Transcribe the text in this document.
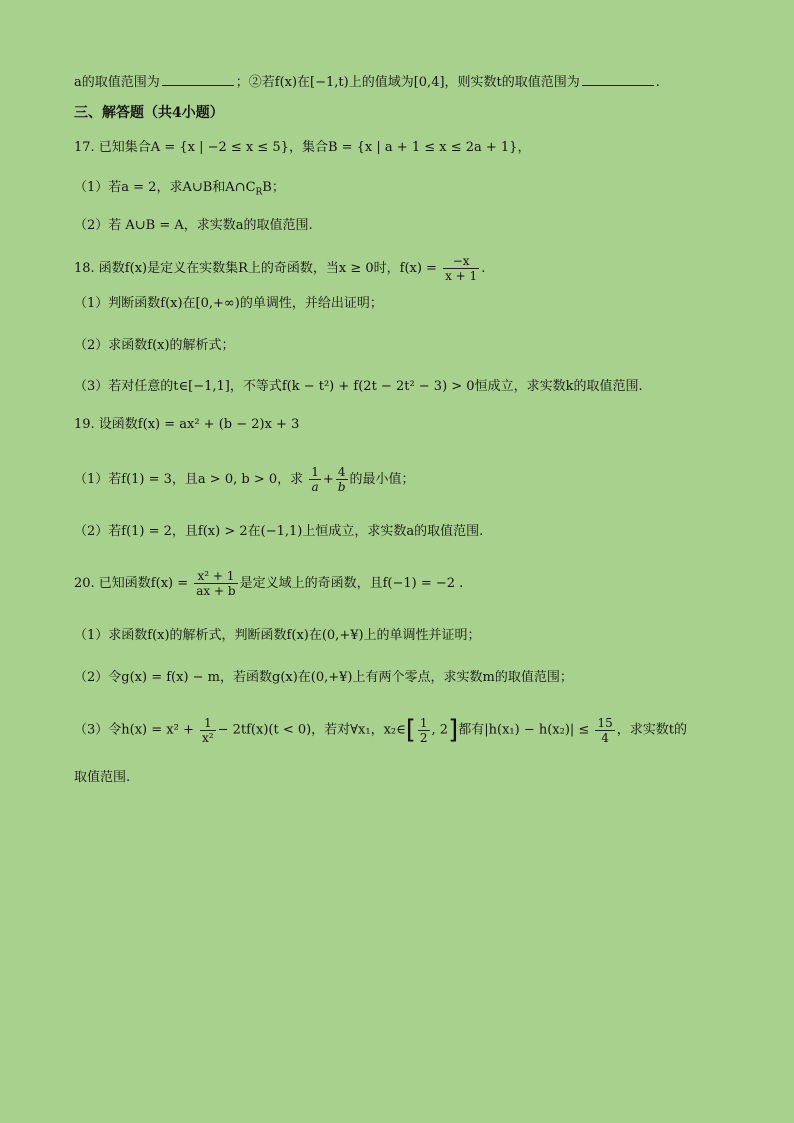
a的取值范围为	；②若f(x)在[−1,t)上的值域为[0,4]，则实数t的取值范围为	.
三、解答题（共4小题）
17. 已知集合A = {x | −2 ≤ x ≤ 5}，集合B = {x | a + 1 ≤ x ≤ 2a + 1}，
（1）若a = 2，求A∪B和$A\cap C_RB$；
（2）若 A∪B = A，求实数a的取值范围.
18. 函数f(x)是定义在实数集R上的奇函数，当x ≥ 0时，$f(x) = \frac{-x}{x + 1}$ .
（1）判断函数f(x)在[0,+∞)的单调性，并给出证明；
（2）求函数f(x)的解析式；
（3）若对任意的t∈[−1,1]，不等式f(k − t²) + f(2t − 2t² − 3) > 0恒成立，求实数k的取值范围.
19. 设函数f(x) = ax² + (b − 2)x + 3
（1）若f(1) = 3，且a > 0, b > 0，求 $\frac{1}{a} + \frac{4}{b}$ 的最小值；
（2）若f(1) = 2，且f(x) > 2在(−1,1)上恒成立，求实数a的取值范围.
20. 已知函数$f(x) = \frac{\text{x² + 1}}{ax + b}$ 是定义域上的奇函数，且f(−1) = −2 .
（1）求函数f(x)的解析式，判断函数f(x)在(0,+¥)上的单调性并证明；
（2）令g(x) = f(x) − m，若函数g(x)在(0,+¥)上有两个零点，求实数m的取值范围；
（3）令$h(x) = x^2 + \frac{1}{\text{x²}} - 2tf(x)(t < 0)$，若对∀x₁，x₂∈[ $\frac{1}{2}$ , 2]都有$|h(x_1) - h(x_2)| \le \frac{15}{4}$ ，求实数t的
取值范围.
